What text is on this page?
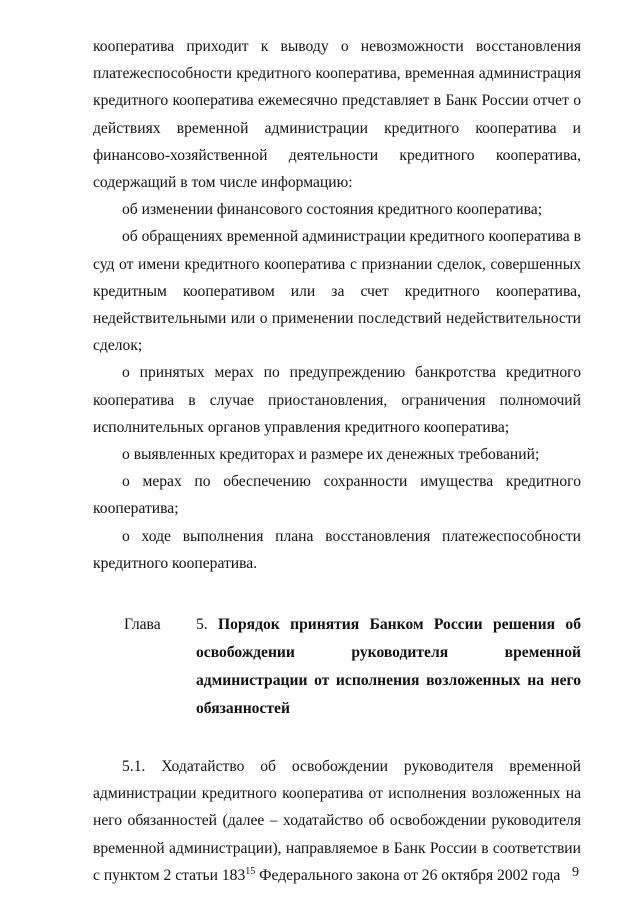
кооператива приходит к выводу о невозможности восстановления платежеспособности кредитного кооператива, временная администрация кредитного кооператива ежемесячно представляет в Банк России отчет о действиях временной администрации кредитного кооператива и финансово-хозяйственной деятельности кредитного кооператива, содержащий в том числе информацию:

об изменении финансового состояния кредитного кооператива;

об обращениях временной администрации кредитного кооператива в суд от имени кредитного кооператива с признании сделок, совершенных кредитным кооперативом или за счет кредитного кооператива, недействительными или о применении последствий недействительности сделок;

о принятых мерах по предупреждению банкротства кредитного кооператива в случае приостановления, ограничения полномочий исполнительных органов управления кредитного кооператива;

о выявленных кредиторах и размере их денежных требований;

о мерах по обеспечению сохранности имущества кредитного кооператива;

о ходе выполнения плана восстановления платежеспособности кредитного кооператива.

Глава	5. Порядок принятия Банком России решения об освобождении руководителя временной администрации от исполнения возложенных на него обязанностей

5.1. Ходатайство об освобождении руководителя временной администрации кредитного кооператива от исполнения возложенных на него обязанностей (далее – ходатайство об освобождении руководителя временной администрации), направляемое в Банк России в соответствии с пунктом 2 статьи $183^{15}$ Федерального закона от 26 октября 2002 года 9
